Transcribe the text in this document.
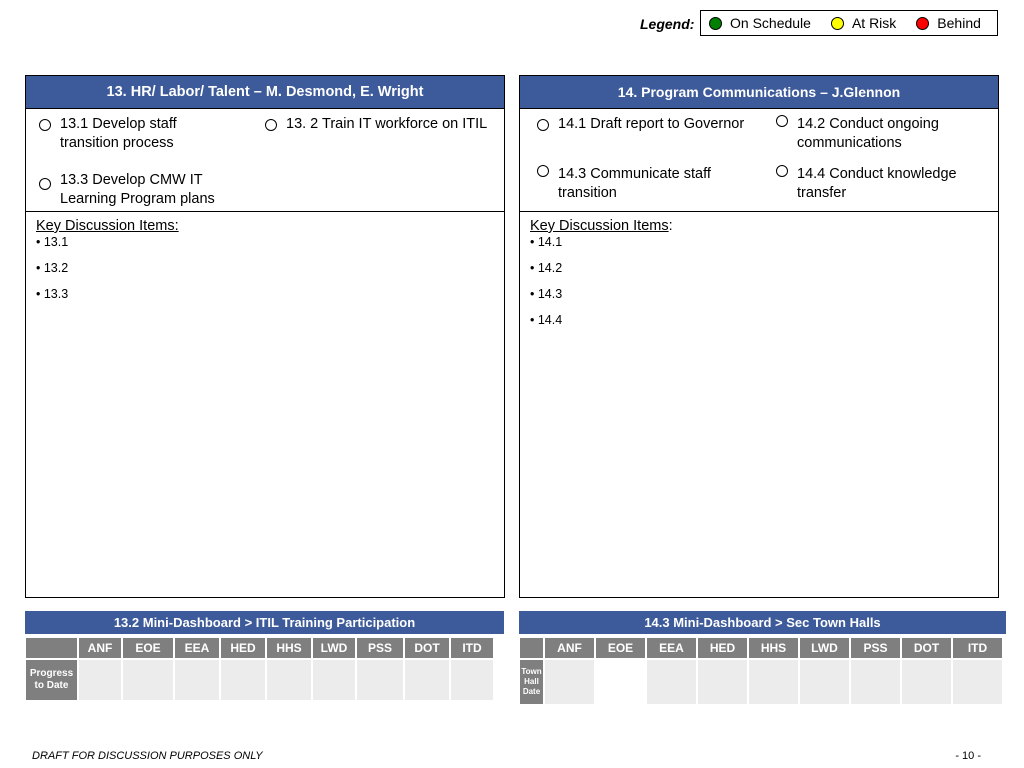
Legend:	On Schedule	At Risk	Behind
13. HR/ Labor/ Talent – M. Desmond, E. Wright
13.1 Develop staff transition process
13. 2 Train IT workforce on ITIL
13.3 Develop CMW IT Learning Program plans
Key Discussion Items:
• 13.1
• 13.2
• 13.3
14. Program Communications – J.Glennon
14.1 Draft report to Governor	14.2 Conduct ongoing communications
14.3 Communicate staff transition
14.4 Conduct knowledge transfer
Key Discussion Items:
• 14.1
• 14.2
• 14.3
• 14.4
13.2 Mini-Dashboard > ITIL Training Participation
	ANF	EOE	EEA	HED	HHS	LWD	PSS	DOT	ITD
Progress to Date									
14.3 Mini-Dashboard > Sec Town Halls
	ANF	EOE	EEA	HED	HHS	LWD	PSS	DOT	ITD
Town Hall Date									
DRAFT FOR DISCUSSION PURPOSES ONLY	- 10 -
